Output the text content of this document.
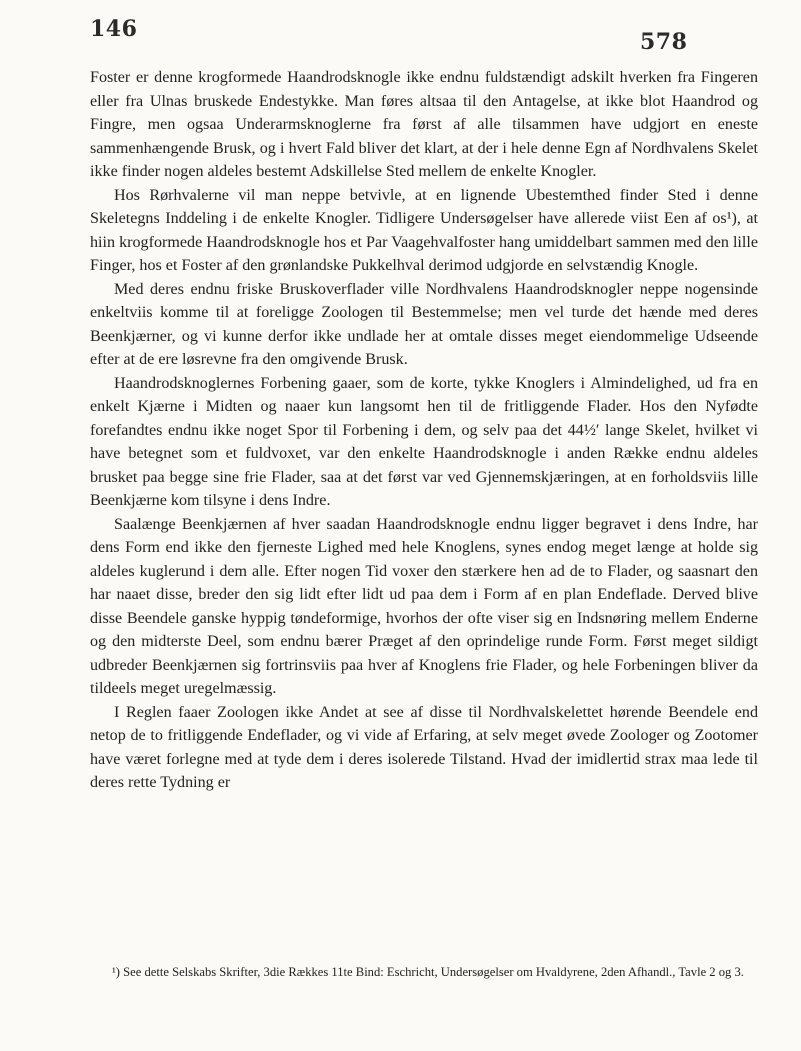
146	578

Foster er denne krogformede Haandrodsknogle ikke endnu fuldstændigt adskilt hverken fra Fingeren eller fra Ulnas bruskede Endestykke. Man føres altsaa til den Antagelse, at ikke blot Haandrod og Fingre, men ogsaa Underarmsknoglerne fra først af alle tilsammen have udgjort en eneste sammenhængende Brusk, og i hvert Fald bliver det klart, at der i hele denne Egn af Nordhvalens Skelet ikke finder nogen aldeles bestemt Adskillelse Sted mellem de enkelte Knogler.

Hos Rørhvalerne vil man neppe betvivle, at en lignende Ubestemthed finder Sted i denne Skeletegns Inddeling i de enkelte Knogler. Tidligere Undersøgelser have allerede viist Een af os¹), at hiin krogformede Haandrodsknogle hos et Par Vaagehvalfoster hang umiddelbart sammen med den lille Finger, hos et Foster af den grønlandske Pukkelhval derimod udgjorde en selvstændig Knogle.

Med deres endnu friske Bruskoverflader ville Nordhvalens Haandrodsknogler neppe nogensinde enkeltviis komme til at foreligge Zoologen til Bestemmelse; men vel turde det hænde med deres Beenkjærner, og vi kunne derfor ikke undlade her at omtale disses meget eiendommelige Udseende efter at de ere løsrevne fra den omgivende Brusk.

Haandrodsknoglernes Forbening gaaer, som de korte, tykke Knoglers i Almindelighed, ud fra en enkelt Kjærne i Midten og naaer kun langsomt hen til de fritliggende Flader. Hos den Nyfødte forefandtes endnu ikke noget Spor til Forbening i dem, og selv paa det 44½′ lange Skelet, hvilket vi have betegnet som et fuldvoxet, var den enkelte Haandrodsknogle i anden Række endnu aldeles brusket paa begge sine frie Flader, saa at det først var ved Gjennemskjæringen, at en forholdsviis lille Beenkjærne kom tilsyne i dens Indre.

Saalænge Beenkjærnen af hver saadan Haandrodsknogle endnu ligger begravet i dens Indre, har dens Form end ikke den fjerneste Lighed med hele Knoglens, synes endog meget længe at holde sig aldeles kuglerund i dem alle. Efter nogen Tid voxer den stærkere hen ad de to Flader, og saasnart den har naaet disse, breder den sig lidt efter lidt ud paa dem i Form af en plan Endeflade. Derved blive disse Beendele ganske hyppig tøndeformige, hvorhos der ofte viser sig en Indsnøring mellem Enderne og den midterste Deel, som endnu bærer Præget af den oprindelige runde Form. Først meget sildigt udbreder Beenkjærnen sig fortrinsviis paa hver af Knoglens frie Flader, og hele Forbeningen bliver da tildeels meget uregelmæssig.

I Reglen faaer Zoologen ikke Andet at see af disse til Nordhvalskelettet hørende Beendele end netop de to fritliggende Endeflader, og vi vide af Erfaring, at selv meget øvede Zoologer og Zootomer have været forlegne med at tyde dem i deres isolerede Tilstand. Hvad der imidlertid strax maa lede til deres rette Tydning er

¹) See dette Selskabs Skrifter, 3die Rækkes 11te Bind: Eschricht, Undersøgelser om Hvaldyrene, 2den Afhandl., Tavle 2 og 3.
